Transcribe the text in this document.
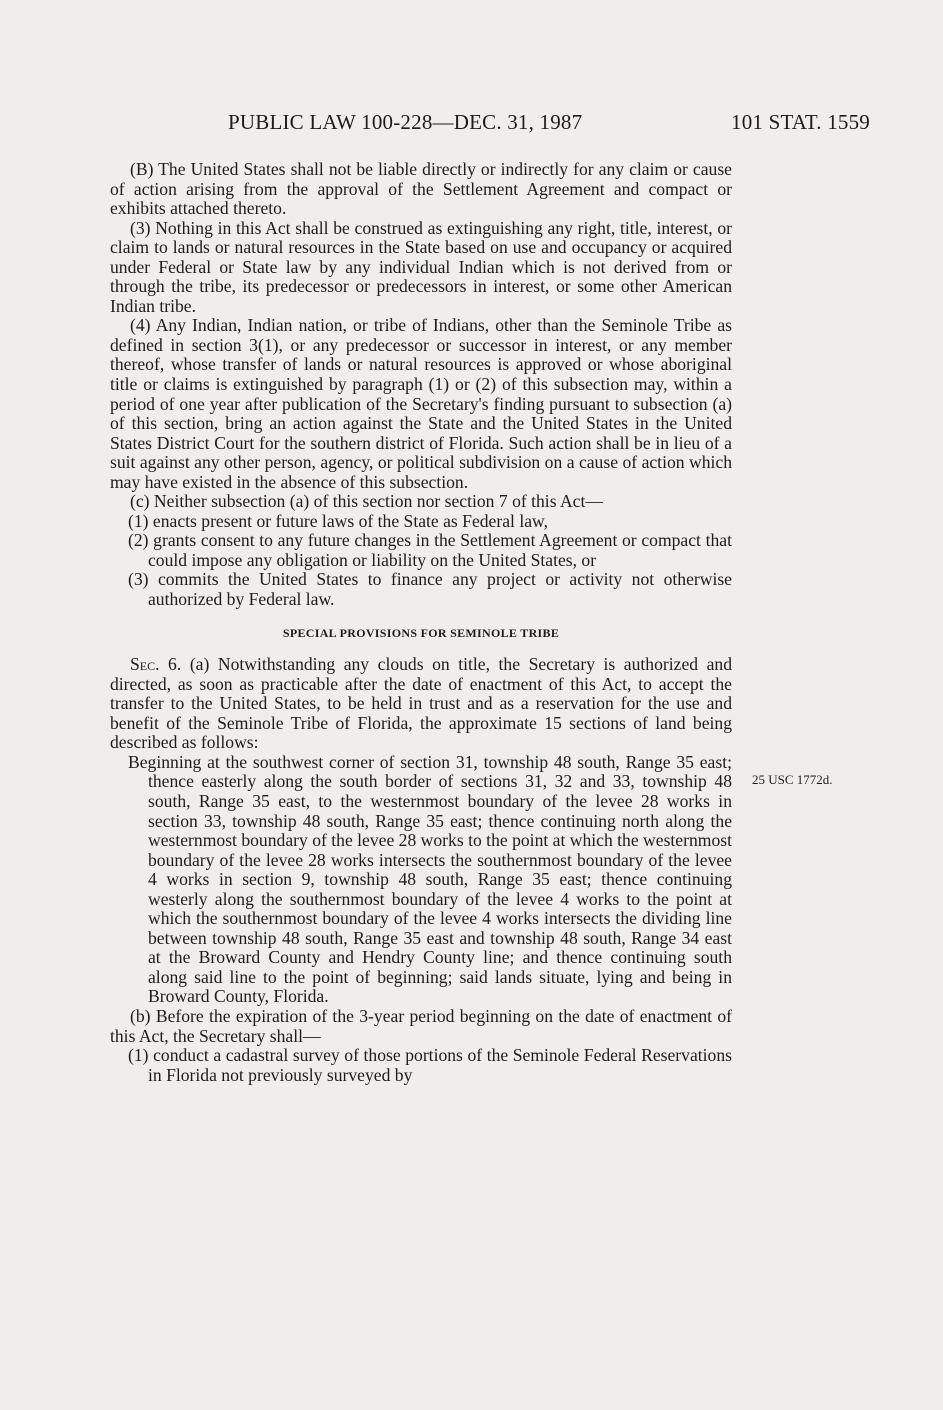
PUBLIC LAW 100-228—DEC. 31, 1987	101 STAT. 1559

(B) The United States shall not be liable directly or indirectly for any claim or cause of action arising from the approval of the Settlement Agreement and compact or exhibits attached thereto.

(3) Nothing in this Act shall be construed as extinguishing any right, title, interest, or claim to lands or natural resources in the State based on use and occupancy or acquired under Federal or State law by any individual Indian which is not derived from or through the tribe, its predecessor or predecessors in interest, or some other American Indian tribe.

(4) Any Indian, Indian nation, or tribe of Indians, other than the Seminole Tribe as defined in section 3(1), or any predecessor or successor in interest, or any member thereof, whose transfer of lands or natural resources is approved or whose aboriginal title or claims is extinguished by paragraph (1) or (2) of this subsection may, within a period of one year after publication of the Secretary's finding pursuant to subsection (a) of this section, bring an action against the State and the United States in the United States District Court for the southern district of Florida. Such action shall be in lieu of a suit against any other person, agency, or political subdivision on a cause of action which may have existed in the absence of this subsection.

(c) Neither subsection (a) of this section nor section 7 of this Act—

(1) enacts present or future laws of the State as Federal law,

(2) grants consent to any future changes in the Settlement Agreement or compact that could impose any obligation or liability on the United States, or

(3) commits the United States to finance any project or activity not otherwise authorized by Federal law.

SPECIAL PROVISIONS FOR SEMINOLE TRIBE

Sec. 6. (a) Notwithstanding any clouds on title, the Secretary is authorized and directed, as soon as practicable after the date of enactment of this Act, to accept the transfer to the United States, to be held in trust and as a reservation for the use and benefit of the Seminole Tribe of Florida, the approximate 15 sections of land being described as follows:

Beginning at the southwest corner of section 31, township 48 south, Range 35 east; thence easterly along the south border of sections 31, 32 and 33, township 48 south, Range 35 east, to the westernmost boundary of the levee 28 works in section 33, township 48 south, Range 35 east; thence continuing north along the westernmost boundary of the levee 28 works to the point at which the westernmost boundary of the levee 28 works intersects the southernmost boundary of the levee 4 works in section 9, township 48 south, Range 35 east; thence continuing westerly along the southernmost boundary of the levee 4 works to the point at which the southernmost boundary of the levee 4 works intersects the dividing line between township 48 south, Range 35 east and township 48 south, Range 34 east at the Broward County and Hendry County line; and thence continuing south along said line to the point of beginning; said lands situate, lying and being in Broward County, Florida.

(b) Before the expiration of the 3-year period beginning on the date of enactment of this Act, the Secretary shall—

(1) conduct a cadastral survey of those portions of the Seminole Federal Reservations in Florida not previously surveyed by

25 USC 1772d.
